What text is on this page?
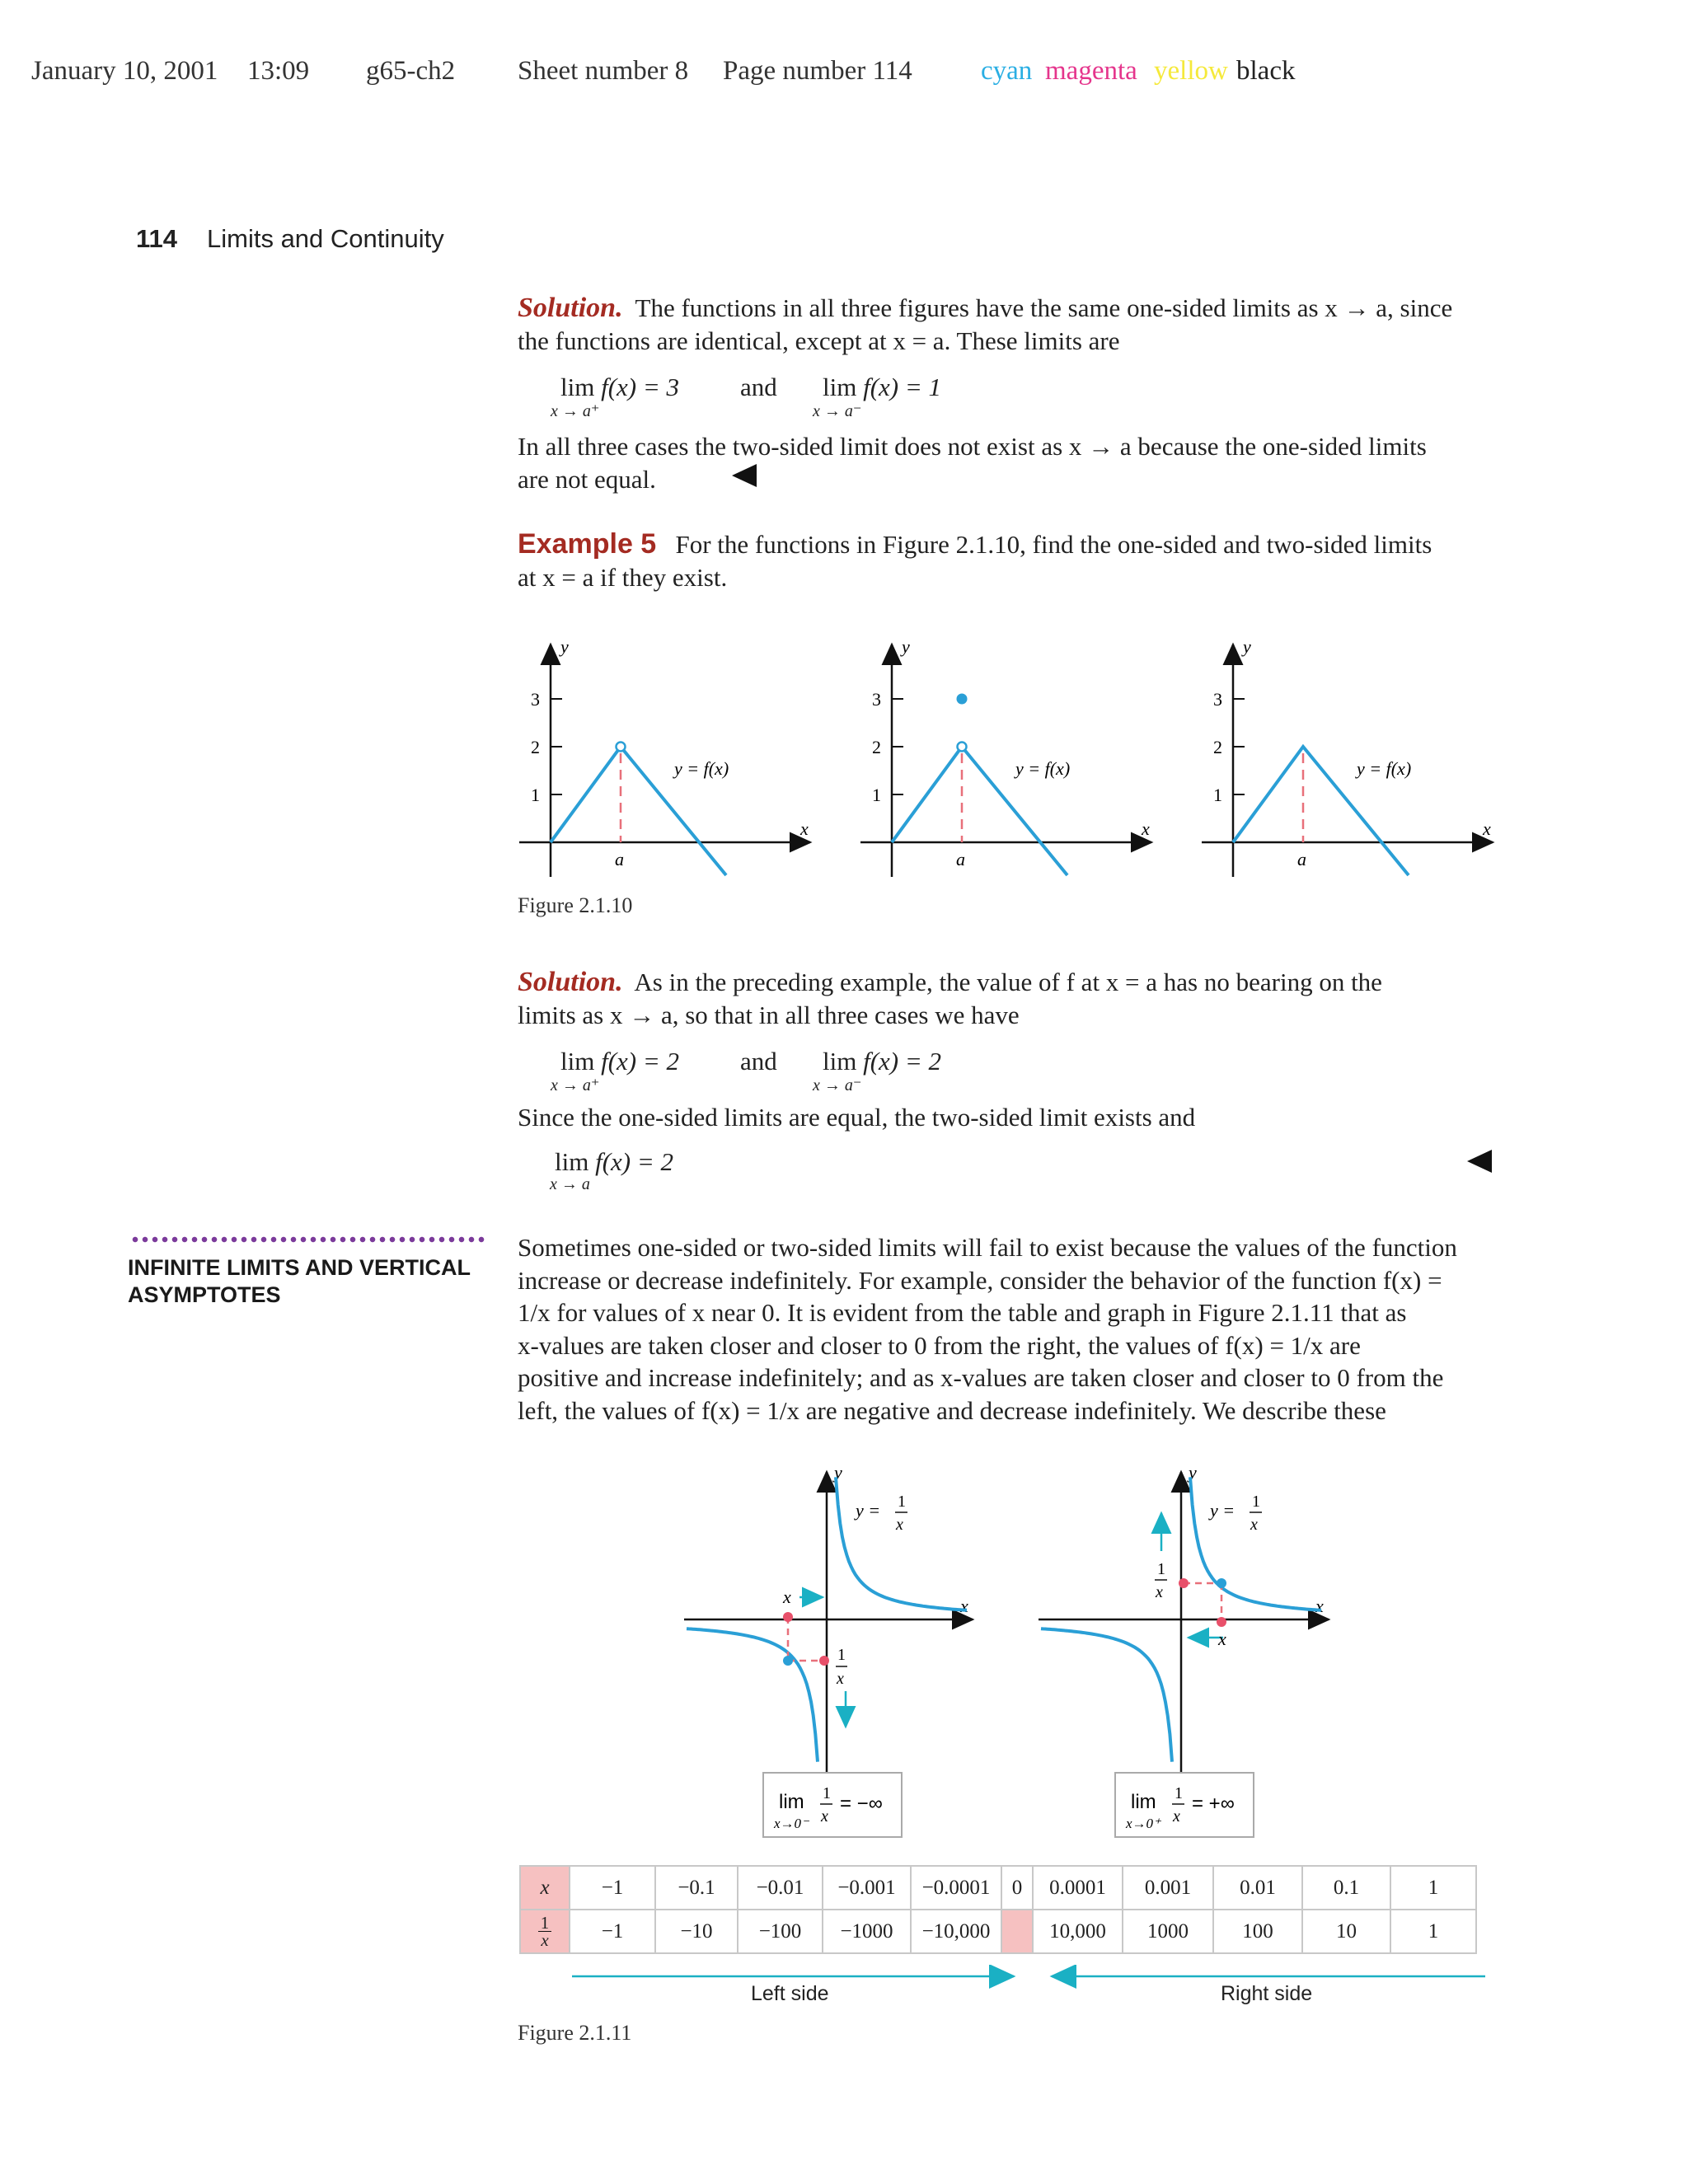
January 10, 2001 13:09 g65-ch2 Sheet number 8 Page number 114	cyan magenta yellow black
114 Limits and Continuity
Solution. The functions in all three figures have the same one-sided limits as x → a, since
the functions are identical, except at x = a. These limits are
lim
x → a⁺
f(x) = 3 and lim
x → a⁻
f(x) = 1
In all three cases the two-sided limit does not exist as x → a because the one-sided limits
are not equal.
Example 5 For the functions in Figure 2.1.10, find the one-sided and two-sided limits
at x = a if they exist.
y
x
1
2
3
a
y = f(x)
y
x
1
2
3
a
y = f(x)
y
x
1
2
3
a
y = f(x)
Figure 2.1.10
Solution. As in the preceding example, the value of f at x = a has no bearing on the
limits as x → a, so that in all three cases we have
lim
x → a⁺
f(x) = 2 and lim
x → a⁻
f(x) = 2
Since the one-sided limits are equal, the two-sided limit exists and
lim
x → a
f(x) = 2
INFINITE LIMITS AND VERTICAL
ASYMPTOTES
Sometimes one-sided or two-sided limits will fail to exist because the values of the function
increase or decrease indefinitely. For example, consider the behavior of the function f(x) =
1/x for values of x near 0. It is evident from the table and graph in Figure 2.1.11 that as
x-values are taken closer and closer to 0 from the right, the values of f(x) = 1/x are
positive and increase indefinitely; and as x-values are taken closer and closer to 0 from the
left, the values of f(x) = 1/x are negative and decrease indefinitely. We describe these
y
x
x
1
x
y = 1
x
y
x
x
1
x
y = 1
x
lim
x→0⁻
1
x
= −∞	lim
x→0⁺
1
x
= +∞
x	−1	−0.1	−0.01	−0.001	−0.0001	0	0.0001	0.001	0.01	0.1	1

1
x	−1	−10	−100	−1000	−10,000		10,000	1000	100	10	1
Left side	Right side
Figure 2.1.11
